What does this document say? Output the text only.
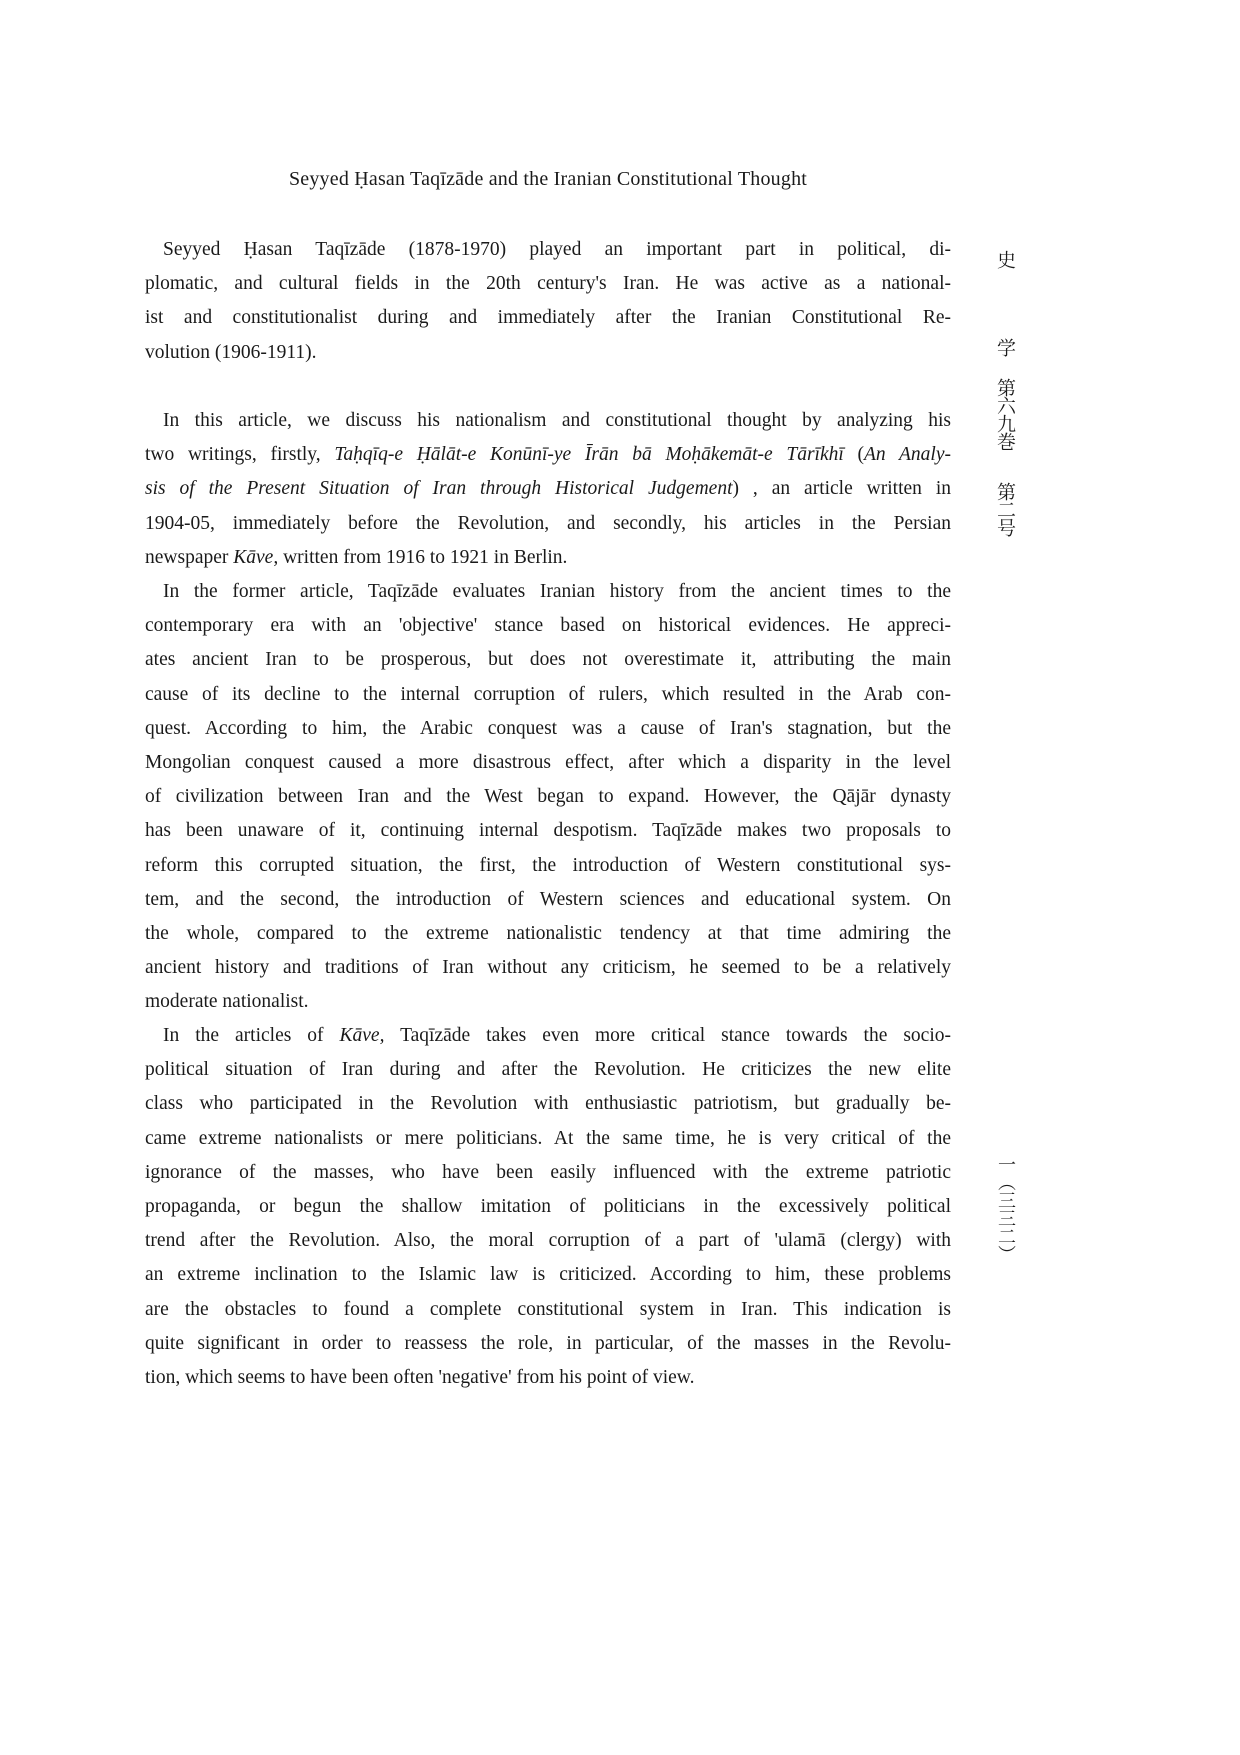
Seyyed Ḥasan Taqīzāde and the Iranian Constitutional Thought
Seyyed Ḥasan Taqīzāde (1878-1970) played an important part in political, di-
plomatic, and cultural fields in the 20th century's Iran. He was active as a national-
ist and constitutionalist during and immediately after the Iranian Constitutional Re-
volution (1906-1911).
In this article, we discuss his nationalism and constitutional thought by analyzing his
two writings, firstly, Taḥqīq-e Ḥālāt-e Konūnī-ye Īrān bā Moḥākemāt-e Tārīkhī (An Analy-
sis of the Present Situation of Iran through Historical Judgement) , an article written in
1904-05, immediately before the Revolution, and secondly, his articles in the Persian
newspaper Kāve, written from 1916 to 1921 in Berlin.
In the former article, Taqīzāde evaluates Iranian history from the ancient times to the
contemporary era with an 'objective' stance based on historical evidences. He appreci-
ates ancient Iran to be prosperous, but does not overestimate it, attributing the main
cause of its decline to the internal corruption of rulers, which resulted in the Arab con-
quest. According to him, the Arabic conquest was a cause of Iran's stagnation, but the
Mongolian conquest caused a more disastrous effect, after which a disparity in the level
of civilization between Iran and the West began to expand. However, the Qājār dynasty
has been unaware of it, continuing internal despotism. Taqīzāde makes two proposals to
reform this corrupted situation, the first, the introduction of Western constitutional sys-
tem, and the second, the introduction of Western sciences and educational system. On
the whole, compared to the extreme nationalistic tendency at that time admiring the
ancient history and traditions of Iran without any criticism, he seemed to be a relatively
moderate nationalist.
In the articles of Kāve, Taqīzāde takes even more critical stance towards the socio-
political situation of Iran during and after the Revolution. He criticizes the new elite
class who participated in the Revolution with enthusiastic patriotism, but gradually be-
came extreme nationalists or mere politicians. At the same time, he is very critical of the
ignorance of the masses, who have been easily influenced with the extreme patriotic
propaganda, or begun the shallow imitation of politicians in the excessively political
trend after the Revolution. Also, the moral corruption of a part of 'ulamā (clergy) with
an extreme inclination to the Islamic law is criticized. According to him, these problems
are the obstacles to found a complete constitutional system in Iran. This indication is
quite significant in order to reassess the role, in particular, of the masses in the Revolu-
tion, which seems to have been often 'negative' from his point of view.
史
学
第六九巻
第二号
一（三三二）
